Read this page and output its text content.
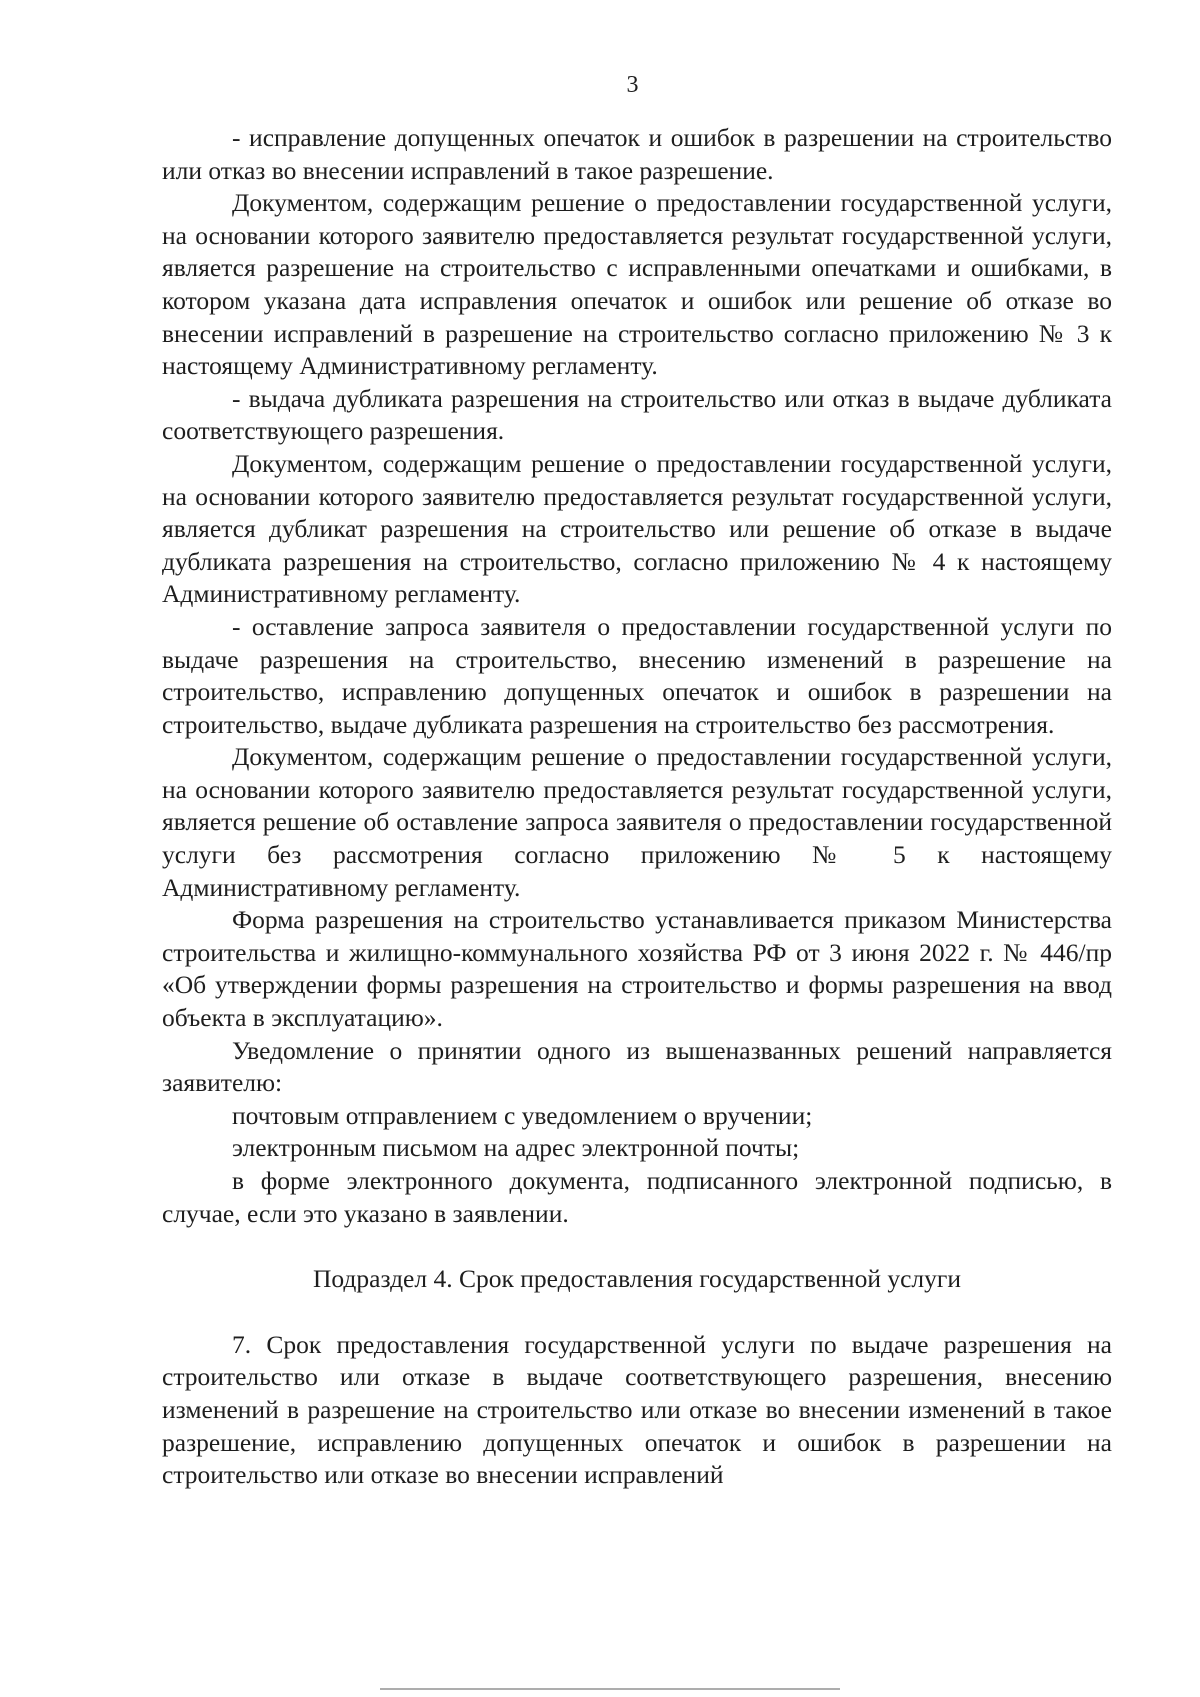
3

- исправление допущенных опечаток и ошибок в разрешении на строительство или отказ во внесении исправлений в такое разрешение.

Документом, содержащим решение о предоставлении государственной услуги, на основании которого заявителю предоставляется результат государственной услуги, является разрешение на строительство с исправленными опечатками и ошибками, в котором указана дата исправления опечаток и ошибок или решение об отказе во внесении исправлений в разрешение на строительство согласно приложению № 3 к настоящему Административному регламенту.

- выдача дубликата разрешения на строительство или отказ в выдаче дубликата соответствующего разрешения.

Документом, содержащим решение о предоставлении государственной услуги, на основании которого заявителю предоставляется результат государственной услуги, является дубликат разрешения на строительство или решение об отказе в выдаче дубликата разрешения на строительство, согласно приложению № 4 к настоящему Административному регламенту.

- оставление запроса заявителя о предоставлении государственной услуги по выдаче разрешения на строительство, внесению изменений в разрешение на строительство, исправлению допущенных опечаток и ошибок в разрешении на строительство, выдаче дубликата разрешения на строительство без рассмотрения.

Документом, содержащим решение о предоставлении государственной услуги, на основании которого заявителю предоставляется результат государственной услуги, является решение об оставление запроса заявителя о предоставлении государственной услуги без рассмотрения согласно приложению № 5 к настоящему Административному регламенту.

Форма разрешения на строительство устанавливается приказом Министерства строительства и жилищно-коммунального хозяйства РФ от 3 июня 2022 г. № 446/пр «Об утверждении формы разрешения на строительство и формы разрешения на ввод объекта в эксплуатацию».

Уведомление о принятии одного из вышеназванных решений направляется заявителю:

почтовым отправлением с уведомлением о вручении;

электронным письмом на адрес электронной почты;

в форме электронного документа, подписанного электронной подписью, в случае, если это указано в заявлении.

Подраздел 4. Срок предоставления государственной услуги

7. Срок предоставления государственной услуги по выдаче разрешения на строительство или отказе в выдаче соответствующего разрешения, внесению изменений в разрешение на строительство или отказе во внесении изменений в такое разрешение, исправлению допущенных опечаток и ошибок в разрешении на строительство или отказе во внесении исправлений
